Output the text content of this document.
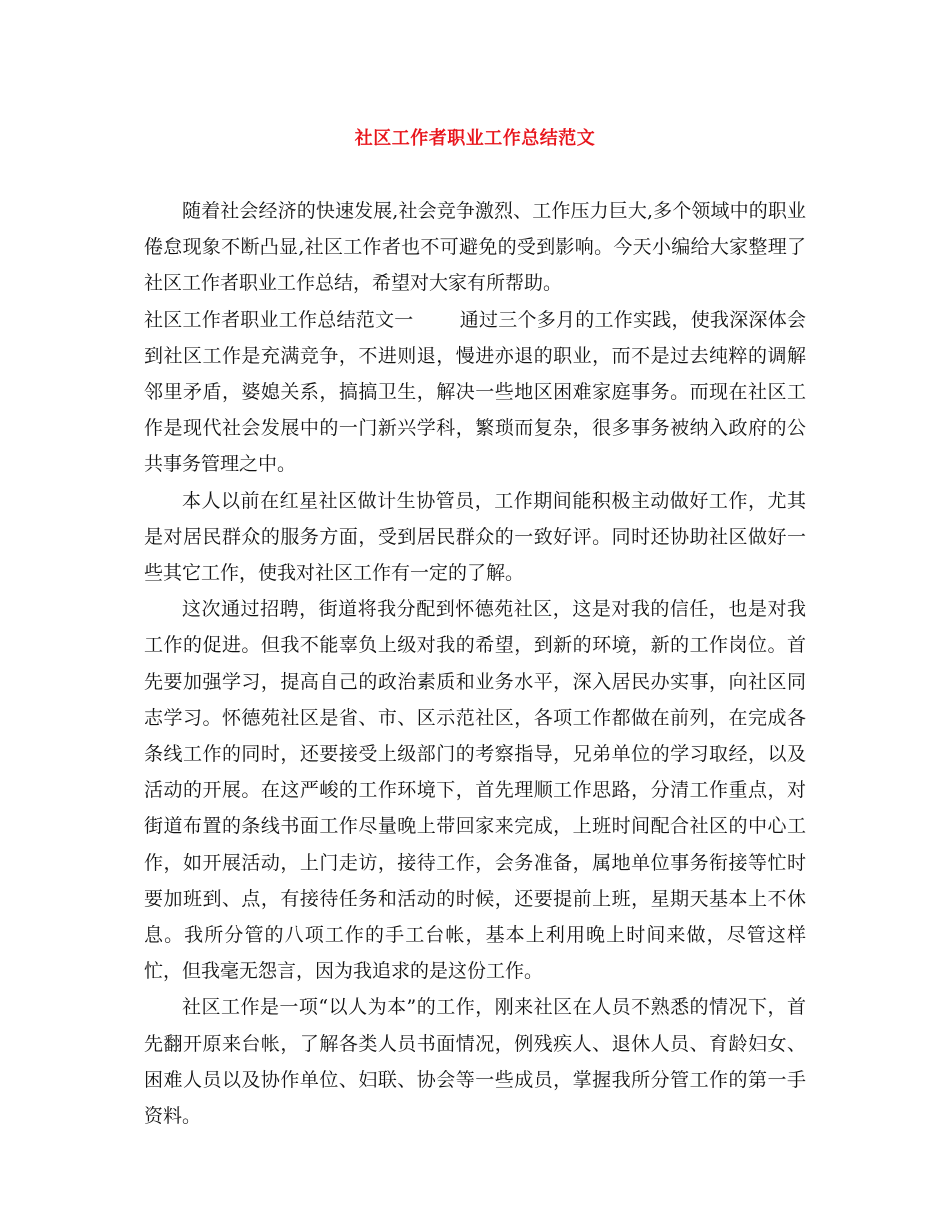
社区工作者职业工作总结范文

随着社会经济的快速发展,社会竞争激烈、工作压力巨大,多个领域中的职业倦怠现象不断凸显,社区工作者也不可避免的受到影响。今天小编给大家整理了社区工作者职业工作总结，希望对大家有所帮助。

社区工作者职业工作总结范文一 通过三个多月的工作实践，使我深深体会到社区工作是充满竞争，不进则退，慢进亦退的职业，而不是过去纯粹的调解邻里矛盾，婆媳关系，搞搞卫生，解决一些地区困难家庭事务。而现在社区工作是现代社会发展中的一门新兴学科，繁琐而复杂，很多事务被纳入政府的公共事务管理之中。

本人以前在红星社区做计生协管员，工作期间能积极主动做好工作，尤其是对居民群众的服务方面，受到居民群众的一致好评。同时还协助社区做好一些其它工作，使我对社区工作有一定的了解。

这次通过招聘，街道将我分配到怀德苑社区，这是对我的信任，也是对我工作的促进。但我不能辜负上级对我的希望，到新的环境，新的工作岗位。首先要加强学习，提高自己的政治素质和业务水平，深入居民办实事，向社区同志学习。怀德苑社区是省、市、区示范社区，各项工作都做在前列，在完成各条线工作的同时，还要接受上级部门的考察指导，兄弟单位的学习取经，以及活动的开展。在这严峻的工作环境下，首先理顺工作思路，分清工作重点，对街道布置的条线书面工作尽量晚上带回家来完成，上班时间配合社区的中心工作，如开展活动，上门走访，接待工作，会务准备，属地单位事务衔接等忙时要加班到、点，有接待任务和活动的时候，还要提前上班，星期天基本上不休息。我所分管的八项工作的手工台帐，基本上利用晚上时间来做，尽管这样忙，但我毫无怨言，因为我追求的是这份工作。

社区工作是一项“以人为本”的工作，刚来社区在人员不熟悉的情况下，首先翻开原来台帐，了解各类人员书面情况，例残疾人、退休人员、育龄妇女、困难人员以及协作单位、妇联、协会等一些成员，掌握我所分管工作的第一手资料。
